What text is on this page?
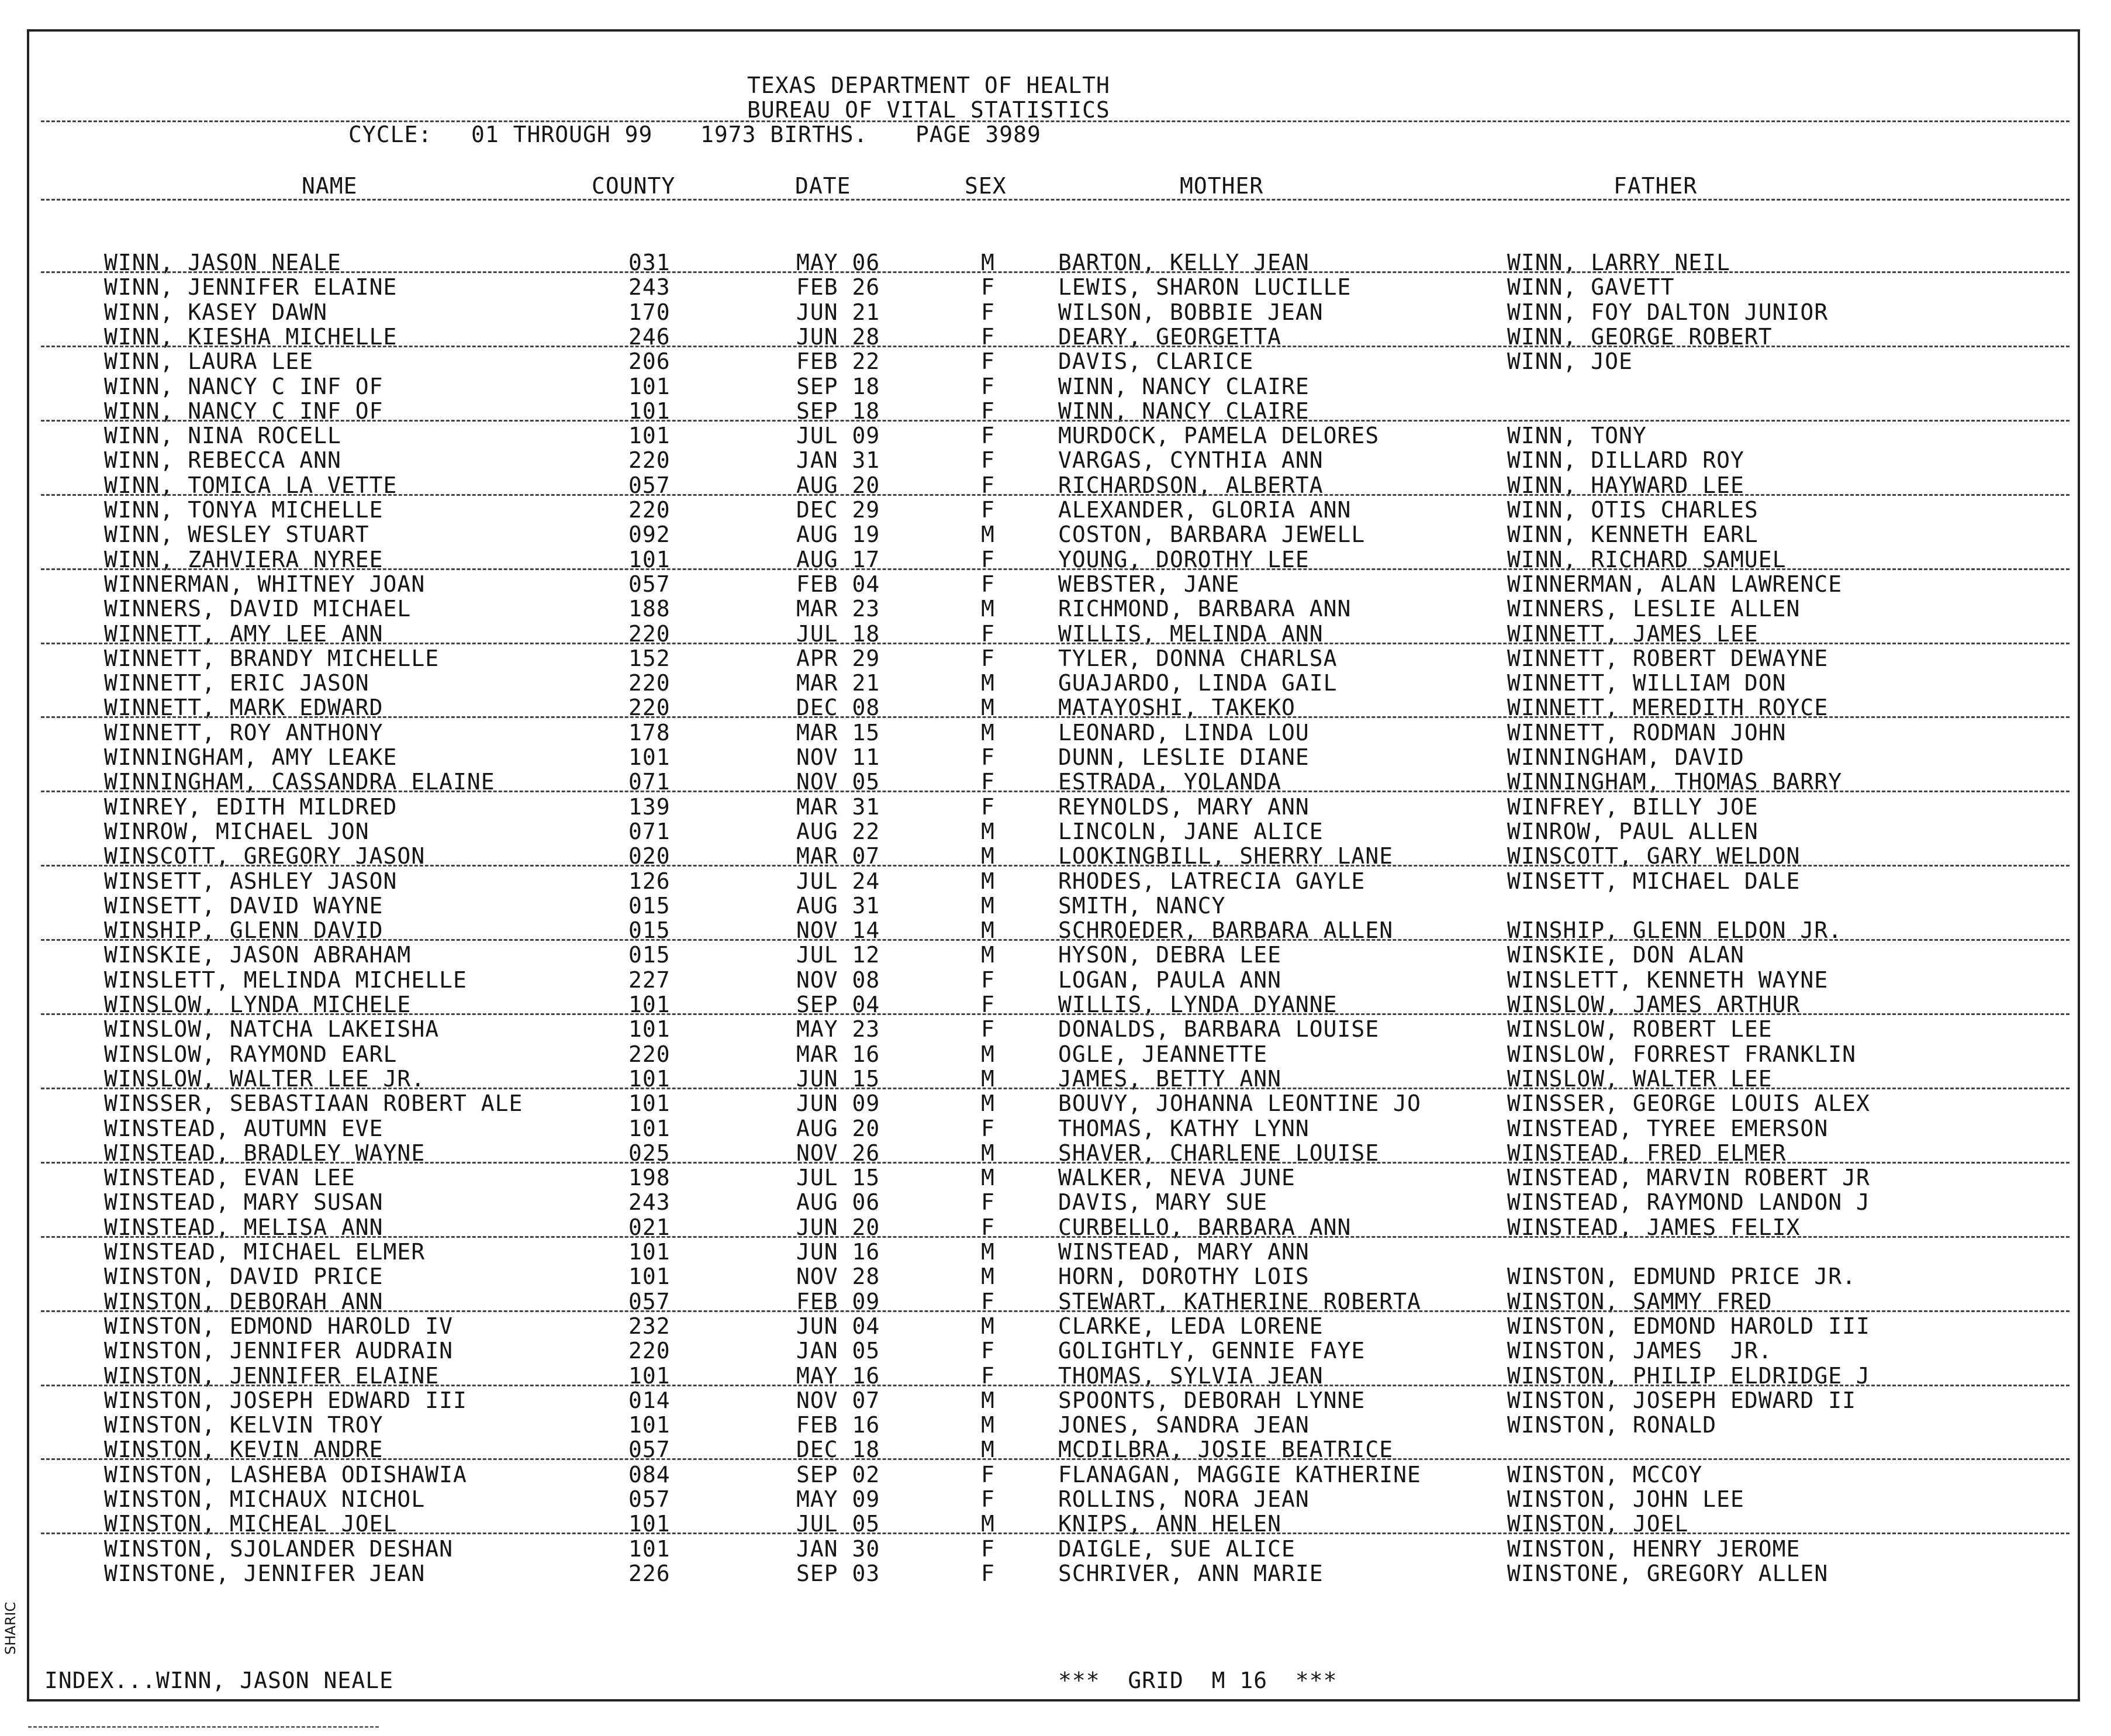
TEXAS DEPARTMENT OF HEALTH
BUREAU OF VITAL STATISTICS
CYCLE: 01 THROUGH 99 1973 BIRTHS. PAGE 3989
NAME	COUNTY	DATE	SEX	MOTHER	FATHER
WINN, JASON NEALE	031	MAY 06	M	BARTON, KELLY JEAN	WINN, LARRY NEIL
WINN, JENNIFER ELAINE	243	FEB 26	F	LEWIS, SHARON LUCILLE	WINN, GAVETT
WINN, KASEY DAWN	170	JUN 21	F	WILSON, BOBBIE JEAN	WINN, FOY DALTON JUNIOR
WINN, KIESHA MICHELLE	246	JUN 28	F	DEARY, GEORGETTA	WINN, GEORGE ROBERT
WINN, LAURA LEE	206	FEB 22	F	DAVIS, CLARICE	WINN, JOE
WINN, NANCY C INF OF	101	SEP 18	F	WINN, NANCY CLAIRE
WINN, NANCY C INF OF	101	SEP 18	F	WINN, NANCY CLAIRE
WINN, NINA ROCELL	101	JUL 09	F	MURDOCK, PAMELA DELORES	WINN, TONY
WINN, REBECCA ANN	220	JAN 31	F	VARGAS, CYNTHIA ANN	WINN, DILLARD ROY
WINN, TOMICA LA VETTE	057	AUG 20	F	RICHARDSON, ALBERTA	WINN, HAYWARD LEE
WINN, TONYA MICHELLE	220	DEC 29	F	ALEXANDER, GLORIA ANN	WINN, OTIS CHARLES
WINN, WESLEY STUART	092	AUG 19	M	COSTON, BARBARA JEWELL	WINN, KENNETH EARL
WINN, ZAHVIERA NYREE	101	AUG 17	F	YOUNG, DOROTHY LEE	WINN, RICHARD SAMUEL
WINNERMAN, WHITNEY JOAN	057	FEB 04	F	WEBSTER, JANE	WINNERMAN, ALAN LAWRENCE
WINNERS, DAVID MICHAEL	188	MAR 23	M	RICHMOND, BARBARA ANN	WINNERS, LESLIE ALLEN
WINNETT, AMY LEE ANN	220	JUL 18	F	WILLIS, MELINDA ANN	WINNETT, JAMES LEE
WINNETT, BRANDY MICHELLE	152	APR 29	F	TYLER, DONNA CHARLSA	WINNETT, ROBERT DEWAYNE
WINNETT, ERIC JASON	220	MAR 21	M	GUAJARDO, LINDA GAIL	WINNETT, WILLIAM DON
WINNETT, MARK EDWARD	220	DEC 08	M	MATAYOSHI, TAKEKO	WINNETT, MEREDITH ROYCE
WINNETT, ROY ANTHONY	178	MAR 15	M	LEONARD, LINDA LOU	WINNETT, RODMAN JOHN
WINNINGHAM, AMY LEAKE	101	NOV 11	F	DUNN, LESLIE DIANE	WINNINGHAM, DAVID
WINNINGHAM, CASSANDRA ELAINE	071	NOV 05	F	ESTRADA, YOLANDA	WINNINGHAM, THOMAS BARRY
WINREY, EDITH MILDRED	139	MAR 31	F	REYNOLDS, MARY ANN	WINFREY, BILLY JOE
WINROW, MICHAEL JON	071	AUG 22	M	LINCOLN, JANE ALICE	WINROW, PAUL ALLEN
WINSCOTT, GREGORY JASON	020	MAR 07	M	LOOKINGBILL, SHERRY LANE	WINSCOTT, GARY WELDON
WINSETT, ASHLEY JASON	126	JUL 24	M	RHODES, LATRECIA GAYLE	WINSETT, MICHAEL DALE
WINSETT, DAVID WAYNE	015	AUG 31	M	SMITH, NANCY
WINSHIP, GLENN DAVID	015	NOV 14	M	SCHROEDER, BARBARA ALLEN	WINSHIP, GLENN ELDON JR.
WINSKIE, JASON ABRAHAM	015	JUL 12	M	HYSON, DEBRA LEE	WINSKIE, DON ALAN
WINSLETT, MELINDA MICHELLE	227	NOV 08	F	LOGAN, PAULA ANN	WINSLETT, KENNETH WAYNE
WINSLOW, LYNDA MICHELE	101	SEP 04	F	WILLIS, LYNDA DYANNE	WINSLOW, JAMES ARTHUR
WINSLOW, NATCHA LAKEISHA	101	MAY 23	F	DONALDS, BARBARA LOUISE	WINSLOW, ROBERT LEE
WINSLOW, RAYMOND EARL	220	MAR 16	M	OGLE, JEANNETTE	WINSLOW, FORREST FRANKLIN
WINSLOW, WALTER LEE JR.	101	JUN 15	M	JAMES, BETTY ANN	WINSLOW, WALTER LEE
WINSSER, SEBASTIAAN ROBERT ALE	101	JUN 09	M	BOUVY, JOHANNA LEONTINE JO	WINSSER, GEORGE LOUIS ALEX
WINSTEAD, AUTUMN EVE	101	AUG 20	F	THOMAS, KATHY LYNN	WINSTEAD, TYREE EMERSON
WINSTEAD, BRADLEY WAYNE	025	NOV 26	M	SHAVER, CHARLENE LOUISE	WINSTEAD, FRED ELMER
WINSTEAD, EVAN LEE	198	JUL 15	M	WALKER, NEVA JUNE	WINSTEAD, MARVIN ROBERT JR
WINSTEAD, MARY SUSAN	243	AUG 06	F	DAVIS, MARY SUE	WINSTEAD, RAYMOND LANDON J
WINSTEAD, MELISA ANN	021	JUN 20	F	CURBELLO, BARBARA ANN	WINSTEAD, JAMES FELIX
WINSTEAD, MICHAEL ELMER	101	JUN 16	M	WINSTEAD, MARY ANN
WINSTON, DAVID PRICE	101	NOV 28	M	HORN, DOROTHY LOIS	WINSTON, EDMUND PRICE JR.
WINSTON, DEBORAH ANN	057	FEB 09	F	STEWART, KATHERINE ROBERTA	WINSTON, SAMMY FRED
WINSTON, EDMOND HAROLD IV	232	JUN 04	M	CLARKE, LEDA LORENE	WINSTON, EDMOND HAROLD III
WINSTON, JENNIFER AUDRAIN	220	JAN 05	F	GOLIGHTLY, GENNIE FAYE	WINSTON, JAMES  JR.
WINSTON, JENNIFER ELAINE	101	MAY 16	F	THOMAS, SYLVIA JEAN	WINSTON, PHILIP ELDRIDGE J
WINSTON, JOSEPH EDWARD III	014	NOV 07	M	SPOONTS, DEBORAH LYNNE	WINSTON, JOSEPH EDWARD II
WINSTON, KELVIN TROY	101	FEB 16	M	JONES, SANDRA JEAN	WINSTON, RONALD
WINSTON, KEVIN ANDRE	057	DEC 18	M	MCDILBRA, JOSIE BEATRICE
WINSTON, LASHEBA ODISHAWIA	084	SEP 02	F	FLANAGAN, MAGGIE KATHERINE	WINSTON, MCCOY
WINSTON, MICHAUX NICHOL	057	MAY 09	F	ROLLINS, NORA JEAN	WINSTON, JOHN LEE
WINSTON, MICHEAL JOEL	101	JUL 05	M	KNIPS, ANN HELEN	WINSTON, JOEL
WINSTON, SJOLANDER DESHAN	101	JAN 30	F	DAIGLE, SUE ALICE	WINSTON, HENRY JEROME
WINSTONE, JENNIFER JEAN	226	SEP 03	F	SCHRIVER, ANN MARIE	WINSTONE, GREGORY ALLEN
INDEX...WINN, JASON NEALE	***  GRID  M 16  ***
SHARIC
